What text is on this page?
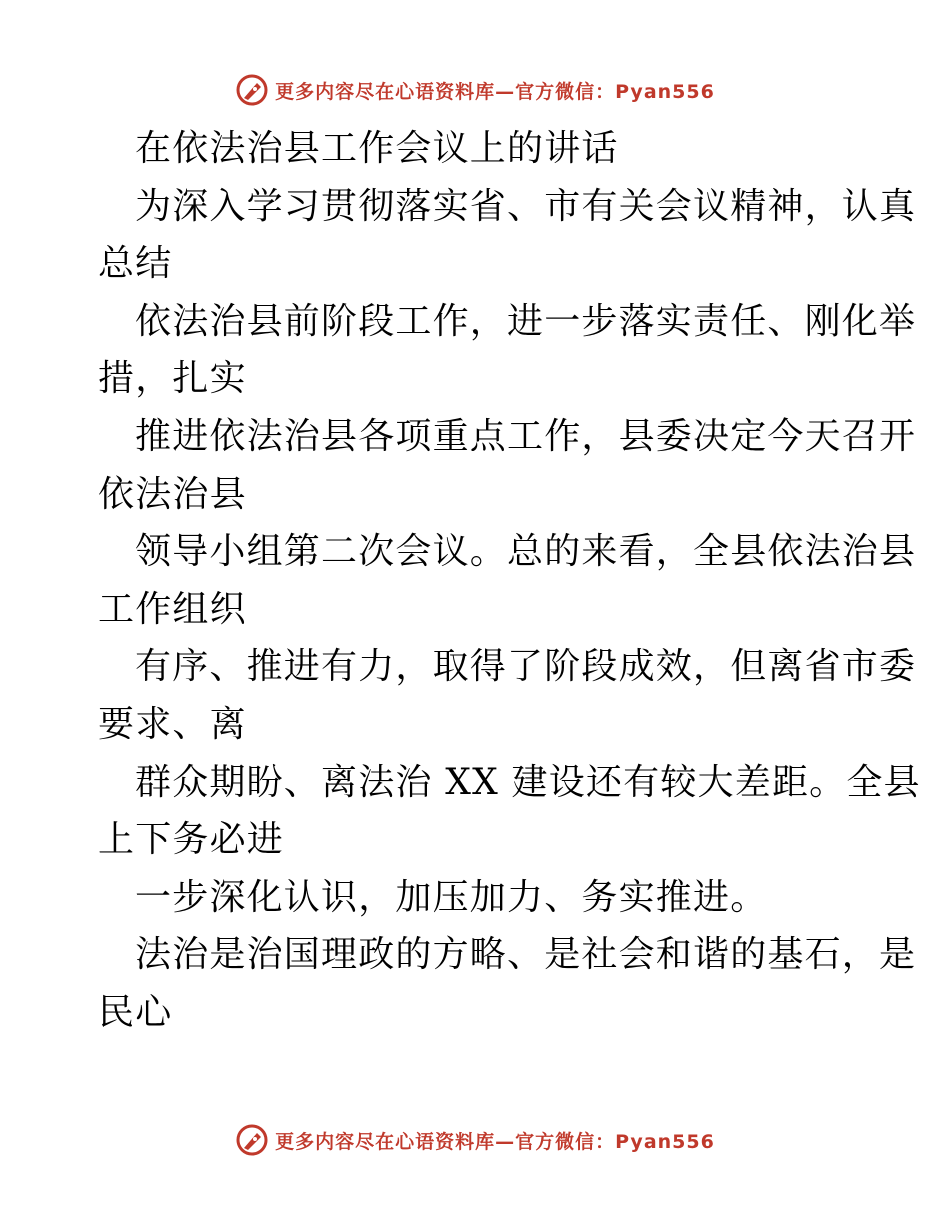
更多内容尽在心语资料库—官方微信：Pyan556

在依法治县工作会议上的讲话

为深入学习贯彻落实省、市有关会议精神，认真

总结

依法治县前阶段工作，进一步落实责任、刚化举

措，扎实

推进依法治县各项重点工作，县委决定今天召开

依法治县

领导小组第二次会议。总的来看，全县依法治县

工作组织

有序、推进有力，取得了阶段成效，但离省市委

要求、离

群众期盼、离法治 XX 建设还有较大差距。全县

上下务必进

一步深化认识，加压加力、务实推进。

法治是治国理政的方略、是社会和谐的基石，是

民心

更多内容尽在心语资料库—官方微信：Pyan556
